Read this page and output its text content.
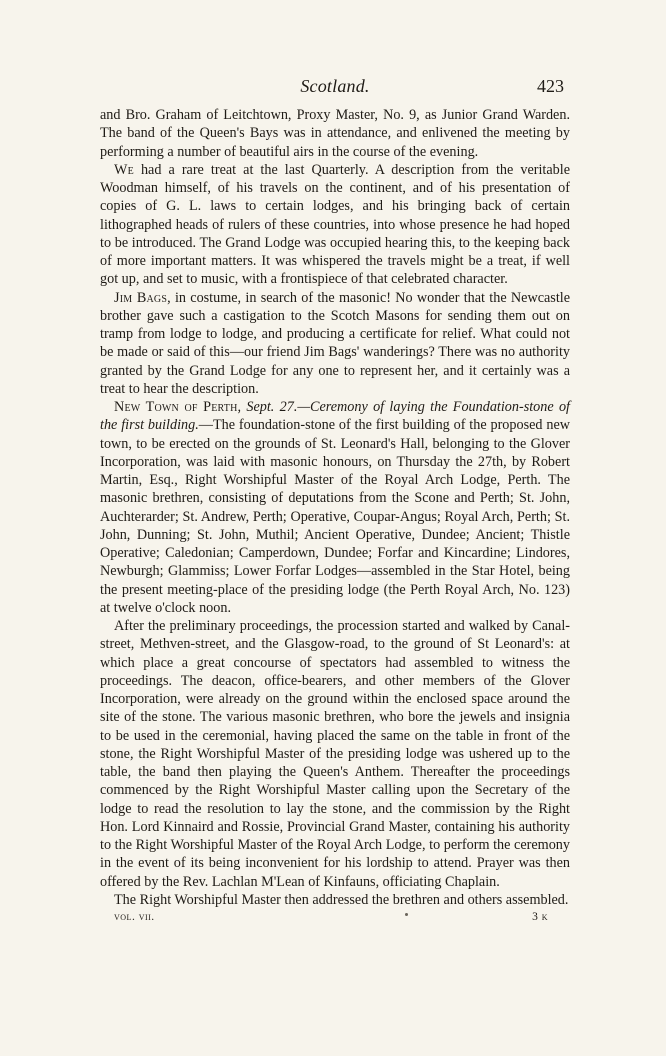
Scotland.	423

and Bro. Graham of Leitchtown, Proxy Master, No. 9, as Junior Grand Warden. The band of the Queen's Bays was in attendance, and enlivened the meeting by performing a number of beautiful airs in the course of the evening.

We had a rare treat at the last Quarterly. A description from the veritable Woodman himself, of his travels on the continent, and of his presentation of copies of G. L. laws to certain lodges, and his bringing back of certain lithographed heads of rulers of these countries, into whose presence he had hoped to be introduced. The Grand Lodge was occupied hearing this, to the keeping back of more important matters. It was whispered the travels might be a treat, if well got up, and set to music, with a frontispiece of that celebrated character.

Jim Bags, in costume, in search of the masonic! No wonder that the Newcastle brother gave such a castigation to the Scotch Masons for sending them out on tramp from lodge to lodge, and producing a certificate for relief. What could not be made or said of this—our friend Jim Bags' wanderings? There was no authority granted by the Grand Lodge for any one to represent her, and it certainly was a treat to hear the description.

New Town of Perth, Sept. 27.—Ceremony of laying the Foundation-stone of the first building.—The foundation-stone of the first building of the proposed new town, to be erected on the grounds of St. Leonard's Hall, belonging to the Glover Incorporation, was laid with masonic honours, on Thursday the 27th, by Robert Martin, Esq., Right Worshipful Master of the Royal Arch Lodge, Perth. The masonic brethren, consisting of deputations from the Scone and Perth; St. John, Auchterarder; St. Andrew, Perth; Operative, Coupar-Angus; Royal Arch, Perth; St. John, Dunning; St. John, Muthil; Ancient Operative, Dundee; Ancient; Thistle Operative; Caledonian; Camperdown, Dundee; Forfar and Kincardine; Lindores, Newburgh; Glammiss; Lower Forfar Lodges—assembled in the Star Hotel, being the present meeting-place of the presiding lodge (the Perth Royal Arch, No. 123) at twelve o'clock noon.

After the preliminary proceedings, the procession started and walked by Canal-street, Methven-street, and the Glasgow-road, to the ground of St Leonard's: at which place a great concourse of spectators had assembled to witness the proceedings. The deacon, office-bearers, and other members of the Glover Incorporation, were already on the ground within the enclosed space around the site of the stone. The various masonic brethren, who bore the jewels and insignia to be used in the ceremonial, having placed the same on the table in front of the stone, the Right Worshipful Master of the presiding lodge was ushered up to the table, the band then playing the Queen's Anthem. Thereafter the proceedings commenced by the Right Worshipful Master calling upon the Secretary of the lodge to read the resolution to lay the stone, and the commission by the Right Hon. Lord Kinnaird and Rossie, Provincial Grand Master, containing his authority to the Right Worshipful Master of the Royal Arch Lodge, to perform the ceremony in the event of its being inconvenient for his lordship to attend. Prayer was then offered by the Rev. Lachlan M'Lean of Kinfauns, officiating Chaplain.

The Right Worshipful Master then addressed the brethren and others assembled.

vol. vii.	3 k
